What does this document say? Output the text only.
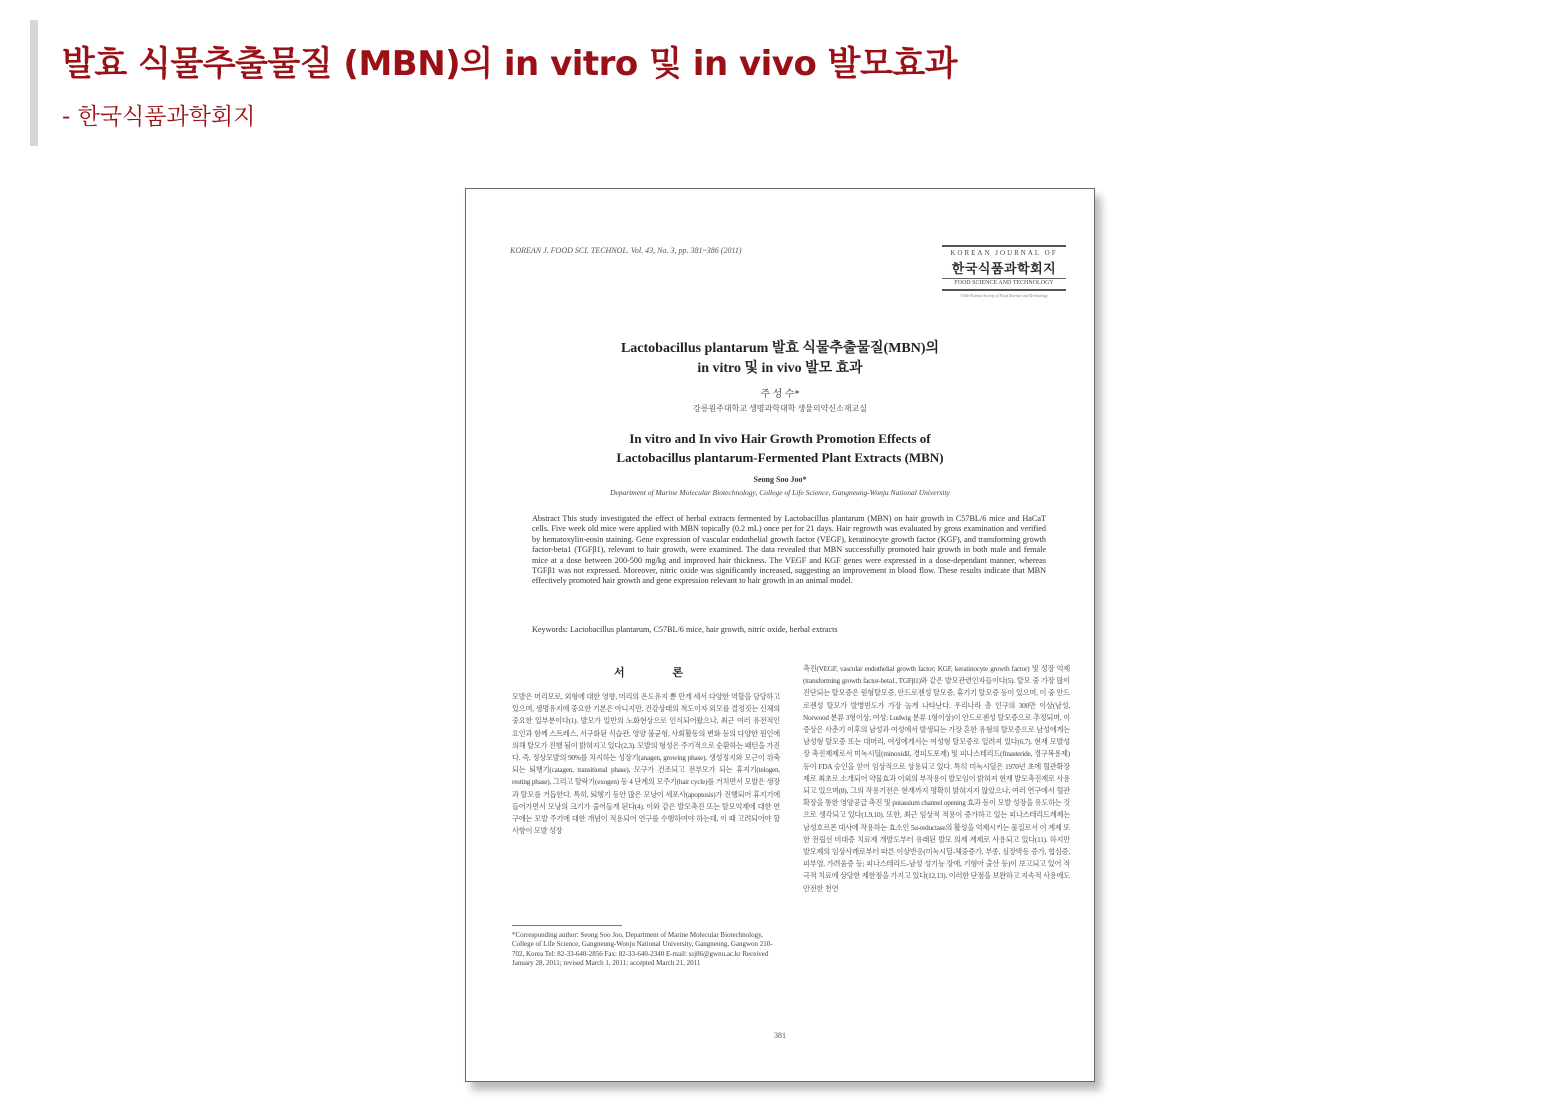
발효 식물추출물질 (MBN)의 in vitro 및 in vivo 발모효과
- 한국식품과학회지
KOREAN J. FOOD SCI. TECHNOL. Vol. 43, No. 3, pp. 381~386 (2011)	KOREAN JOURNAL OF
한국식품과학회지
FOOD SCIENCE AND TECHNOLOGY
©The Korean Society of Food Science and Technology
Lactobacillus plantarum 발효 식물추출물질(MBN)의
in vitro 및 in vivo 발모 효과
주 성 수*
강릉원주대학교 생명과학대학 생물의약신소재교실
In vitro and In vivo Hair Growth Promotion Effects of
Lactobacillus plantarum-Fermented Plant Extracts (MBN)
Seong Soo Joo*
Department of Marine Molecular Biotechnology, College of Life Science, Gangneung-Wonju National University
Abstract This study investigated the effect of herbal extracts fermented by Lactobacillus plantarum (MBN) on hair growth in C57BL/6 mice and HaCaT cells. Five week old mice were applied with MBN topically (0.2 mL) once per for 21 days. Hair regrowth was evaluated by gross examination and verified by hematoxylin-eosin staining. Gene expression of vascular endothelial growth factor (VEGF), keratinocyte growth factor (KGF), and transforming growth factor-beta1 (TGFβ1), relevant to hair growth, were examined. The data revealed that MBN successfully promoted hair growth in both male and female mice at a dose between 200-500 mg/kg and improved hair thickness. The VEGF and KGF genes were expressed in a dose-dependant manner, whereas TGFβ1 was not expressed. Moreover, nitric oxide was significantly increased, suggesting an improvement in blood flow. These results indicate that MBN effectively promoted hair growth and gene expression relevant to hair growth in an animal model.
Keywords: Lactobacillus plantarum, C57BL/6 mice, hair growth, nitric oxide, herbal extracts
서 론
모발은 머리모로, 외형에 대한 영향, 머리의 온도유지 뿐 만게 세서 다양한 역할을 담당하고 있으며, 생명유지에 중요한 기본은 아니지만, 건강상태의 척도이자 외모를 결정짓는 신체의 중요한 일부분이다(1). 발모가 일반의 노화현상으로 인식되어왔으나, 최근 여러 유전적인 요인과 함께 스트레스, 서구화된 식습관, 영양 불균형, 사회활동의 변화 등의 다양한 원인에 의해 탈모가 진행 됨이 밝혀지고 있다(2,3). 모발의 형성은 주기적으로 순환하는 패턴을 가진다. 즉, 정상모발의 90%를 차지하는 성장기(anagen, growing phase), 생성정지와 모근이 위축되는 퇴행기(catagen, transitional phase), 모구가 건조되고 전부모가 되는 휴지기(telogen, resting phase), 그리고 탈락기(exogen) 등 4 단계의 모주기(hair cycle)를 거치면서 모발은 생장과 탈모를 거듭한다. 특히, 퇴행기 동안 많은 모낭이 세포사(apoptosis)가 진행되어 휴지기에 들어가면서 모낭의 크기가 줄어들게 된다(4). 이와 같은 발모촉진 또는 탈모억제에 대한 연구에는 모발 주기에 대한 개념이 적용되어 연구를 수행하여야 하는데, 이 때 고려되어야 할 사항이 모발 성장
*Corresponding author: Seong Soo Joo, Department of Marine Molecular Biotechnology, College of Life Science, Gangneung-Wonju National University, Gangneung, Gangwon 210-702, Korea Tel: 82-33-640-2856 Fax: 82-33-640-2340 E-mail: ssj86@gwnu.ac.kr Received January 28, 2011; revised March 1, 2011; accepted March 21, 2011
촉진(VEGF, vascular endothelial growth factor; KGF, keratinocyte growth factor) 및 성장 억제(transforming growth factor-beta1, TGFβ1)와 같은 발모관련인자들이다(5). 탈모 중 가장 많이 진단되는 탈모증은 원형탈모증, 안드로젠성 탈모증, 휴기기 탈모증 등이 있으며, 이 중 안드로젠성 탈모가 발병빈도가 가장 높게 나타난다. 우리나라 총 인구의 300만 이상(남성, Norwood 분류 3형이상, 여성: Ludwig 분류 1형이상)이 안드로젠성 탈모증으로 추정되며, 이 증상은 사춘기 이후의 남성과 여성에서 발생되는 가장 흔한 유형의 탈모증으로 남성에게는 남성형 탈모증 또는 대머리, 여성에게서는 여성형 탈모증로 일려져 있다(6,7). 현재 모발성장 촉진제제로서 미녹시딜(minoxidil, 경피도포제) 및 피나스테리드(finasteride, 경구복용제) 등이 FDA 승인을 얻어 임상적으로 상용되고 있다. 특히 미녹시딜은 1970년 초에 혈관확장제로 최초로 소개되어 약물효과 이외의 부작용이 발모임이 밝혀져 현재 발모촉진제로 사용되고 있으며(8), 그의 작용기전은 현재까지 명확히 밝혀지지 않았으나, 여러 연구에서 혈관확장을 통한 영양공급 촉진 및 potassium channel opening 효과 등이 모발 성장을 유도하는 것으로 생각되고 있다(1,9,10). 또한, 최근 임상적 적용이 증가하고 있는 피나스테리드계제는 남성호르몬 대사에 작용하는 효소인 5α-reductase의 활성을 억제시키는 물질로서 이 계제 또한 전립선 비대증 치료제 개발도부터 유래된 발모 의제 계제로 사용되고 있다(11). 하지만 발모제의 임상사례로부터 따른 이상반응(미녹시딜-체중증가, 부종, 심장박동 증가, 협심증, 피부염, 가려움증 등; 피나스테리드-남성 성기능 장애, 기형아 출산 등)이 보고되고 있어 적극적 치료에 상당한 제한점을 가지고 있다(12,13). 이러한 단점을 보완하고 지속적 사용에도 안전한 천연
381
